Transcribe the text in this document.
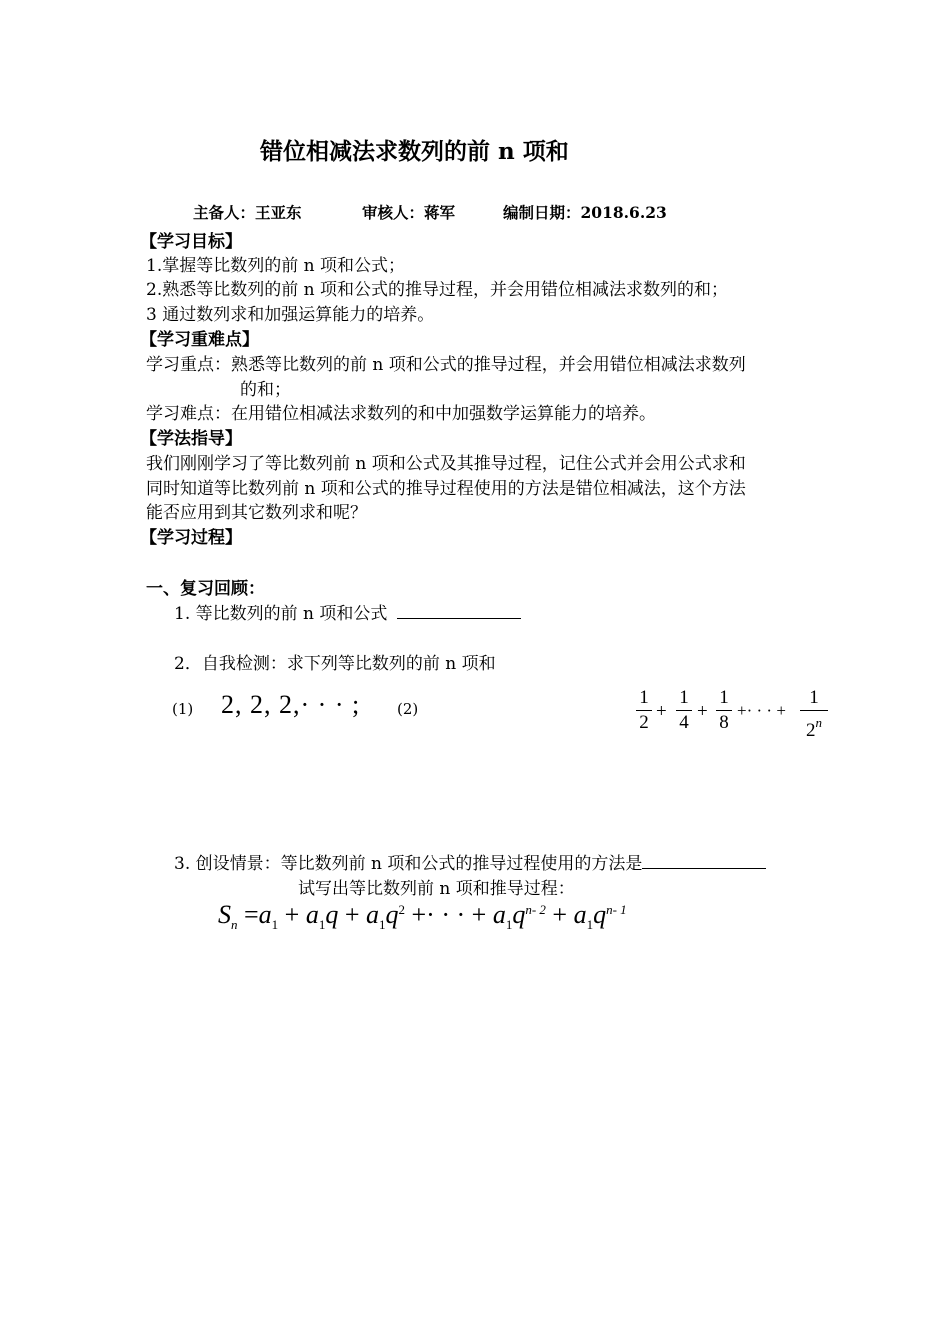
错位相减法求数列的前 n 项和
主备人：王亚东	审核人：蒋军	编制日期：2018.6.23
【学习目标】
1.掌握等比数列的前 n 项和公式；
2.熟悉等比数列的前 n 项和公式的推导过程，并会用错位相减法求数列的和；
3 通过数列求和加强运算能力的培养。
【学习重难点】
学习重点：熟悉等比数列的前 n 项和公式的推导过程，并会用错位相减法求数列
的和；
学习难点：在用错位相减法求数列的和中加强数学运算能力的培养。
【学法指导】
我们刚刚学习了等比数列前 n 项和公式及其推导过程，记住公式并会用公式求和
同时知道等比数列前 n 项和公式的推导过程使用的方法是错位相减法，这个方法
能否应用到其它数列求和呢？
【学习过程】
一、复习回顾：
1. 等比数列的前 n 项和公式
2．自我检测：求下列等比数列的前 n 项和
(1) 2, 2, 2,· · · ; (2)
1
2
+
1
4
+
1
8
+· · · +
1
2$^n$
3. 创设情景：等比数列前 n 项和公式的推导过程使用的方法是
试写出等比数列前 n 项和推导过程：
$S_n =a_1 + a_1q + a_1q^2$ +· · · + $a_1q^{n- 2} + a_1q^{n- 1}$
